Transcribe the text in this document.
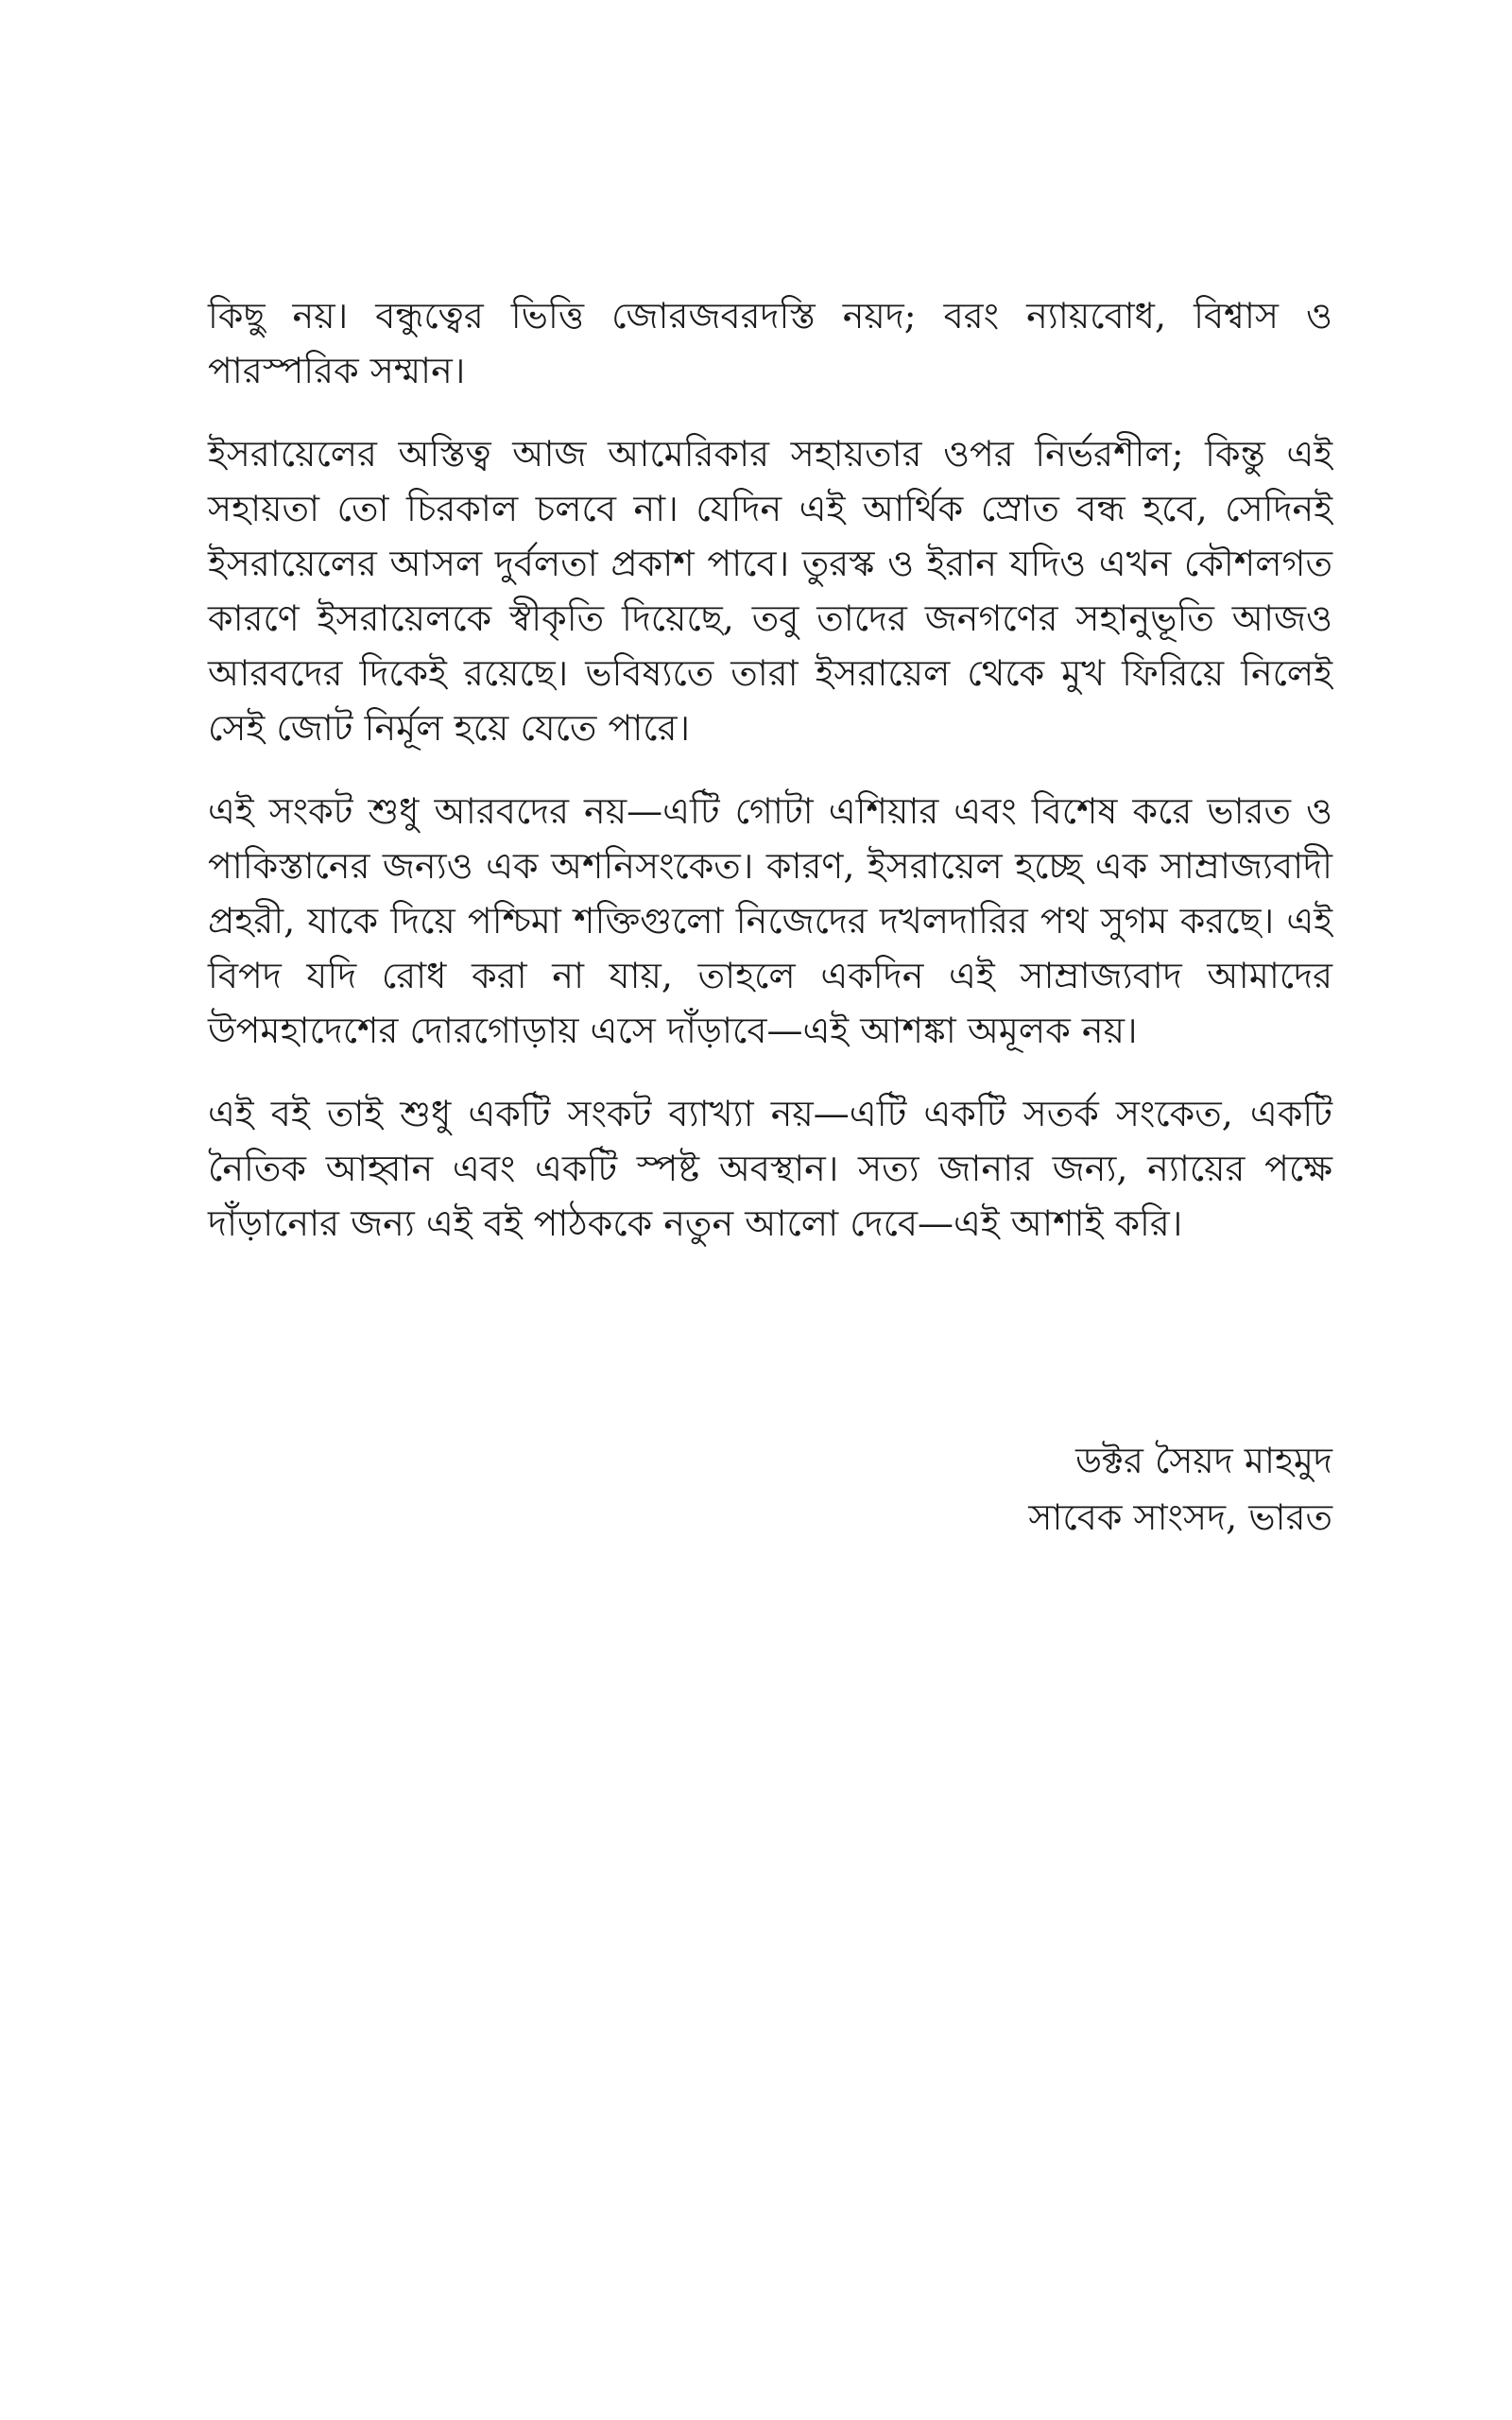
কিছু নয়। বন্ধুত্বের ভিত্তি জোরজবরদস্তি নয়দ; বরং ন্যায়বোধ, বিশ্বাস ও পারস্পরিক সম্মান।

ইসরায়েলের অস্তিত্ব আজ আমেরিকার সহায়তার ওপর নির্ভরশীল; কিন্তু এই সহায়তা তো চিরকাল চলবে না। যেদিন এই আর্থিক স্রোত বন্ধ হবে, সেদিনই ইসরায়েলের আসল দুর্বলতা প্রকাশ পাবে। তুরস্ক ও ইরান যদিও এখন কৌশলগত কারণে ইসরায়েলকে স্বীকৃতি দিয়েছে, তবু তাদের জনগণের সহানুভূতি আজও আরবদের দিকেই রয়েছে। ভবিষ্যতে তারা ইসরায়েল থেকে মুখ ফিরিয়ে নিলেই সেই জোট নির্মূল হয়ে যেতে পারে।

এই সংকট শুধু আরবদের নয়—এটি গোটা এশিয়ার এবং বিশেষ করে ভারত ও পাকিস্তানের জন্যও এক অশনিসংকেত। কারণ, ইসরায়েল হচ্ছে এক সাম্রাজ্যবাদী প্রহরী, যাকে দিয়ে পশ্চিমা শক্তিগুলো নিজেদের দখলদারির পথ সুগম করছে। এই বিপদ যদি রোধ করা না যায়, তাহলে একদিন এই সাম্রাজ্যবাদ আমাদের উপমহাদেশের দোরগোড়ায় এসে দাঁড়াবে—এই আশঙ্কা অমূলক নয়।

এই বই তাই শুধু একটি সংকট ব্যাখ্যা নয়—এটি একটি সতর্ক সংকেত, একটি নৈতিক আহ্বান এবং একটি স্পষ্ট অবস্থান। সত্য জানার জন্য, ন্যায়ের পক্ষে দাঁড়ানোর জন্য এই বই পাঠককে নতুন আলো দেবে—এই আশাই করি।

ডক্টর সৈয়দ মাহমুদ
সাবেক সাংসদ, ভারত
